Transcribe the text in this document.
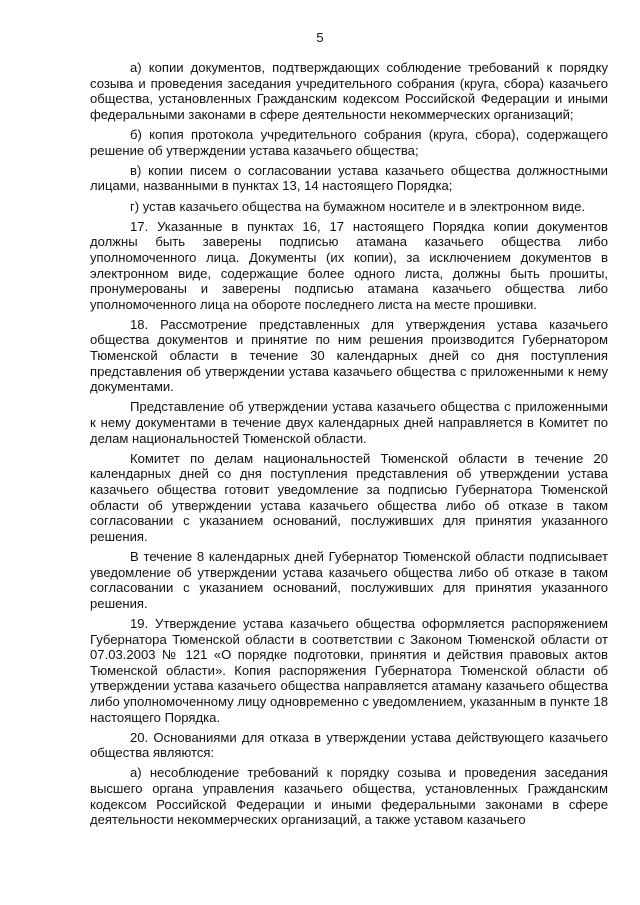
5

а) копии документов, подтверждающих соблюдение требований к порядку созыва и проведения заседания учредительного собрания (круга, сбора) казачьего общества, установленных Гражданским кодексом Российской Федерации и иными федеральными законами в сфере деятельности некоммерческих организаций;

б) копия протокола учредительного собрания (круга, сбора), содержащего решение об утверждении устава казачьего общества;

в) копии писем о согласовании устава казачьего общества должностными лицами, названными в пунктах 13, 14 настоящего Порядка;

г) устав казачьего общества на бумажном носителе и в электронном виде.

17. Указанные в пунктах 16, 17 настоящего Порядка копии документов должны быть заверены подписью атамана казачьего общества либо уполномоченного лица. Документы (их копии), за исключением документов в электронном виде, содержащие более одного листа, должны быть прошиты, пронумерованы и заверены подписью атамана казачьего общества либо уполномоченного лица на обороте последнего листа на месте прошивки.

18. Рассмотрение представленных для утверждения устава казачьего общества документов и принятие по ним решения производится Губернатором Тюменской области в течение 30 календарных дней со дня поступления представления об утверждении устава казачьего общества с приложенными к нему документами.

Представление об утверждении устава казачьего общества с приложенными к нему документами в течение двух календарных дней направляется в Комитет по делам национальностей Тюменской области.

Комитет по делам национальностей Тюменской области в течение 20 календарных дней со дня поступления представления об утверждении устава казачьего общества готовит уведомление за подписью Губернатора Тюменской области об утверждении устава казачьего общества либо об отказе в таком согласовании с указанием оснований, послуживших для принятия указанного решения.

В течение 8 календарных дней Губернатор Тюменской области подписывает уведомление об утверждении устава казачьего общества либо об отказе в таком согласовании с указанием оснований, послуживших для принятия указанного решения.

19. Утверждение устава казачьего общества оформляется распоряжением Губернатора Тюменской области в соответствии с Законом Тюменской области от 07.03.2003 № 121 «О порядке подготовки, принятия и действия правовых актов Тюменской области». Копия распоряжения Губернатора Тюменской области об утверждении устава казачьего общества направляется атаману казачьего общества либо уполномоченному лицу одновременно с уведомлением, указанным в пункте 18 настоящего Порядка.

20. Основаниями для отказа в утверждении устава действующего казачьего общества являются:

а) несоблюдение требований к порядку созыва и проведения заседания высшего органа управления казачьего общества, установленных Гражданским кодексом Российской Федерации и иными федеральными законами в сфере деятельности некоммерческих организаций, а также уставом казачьего
